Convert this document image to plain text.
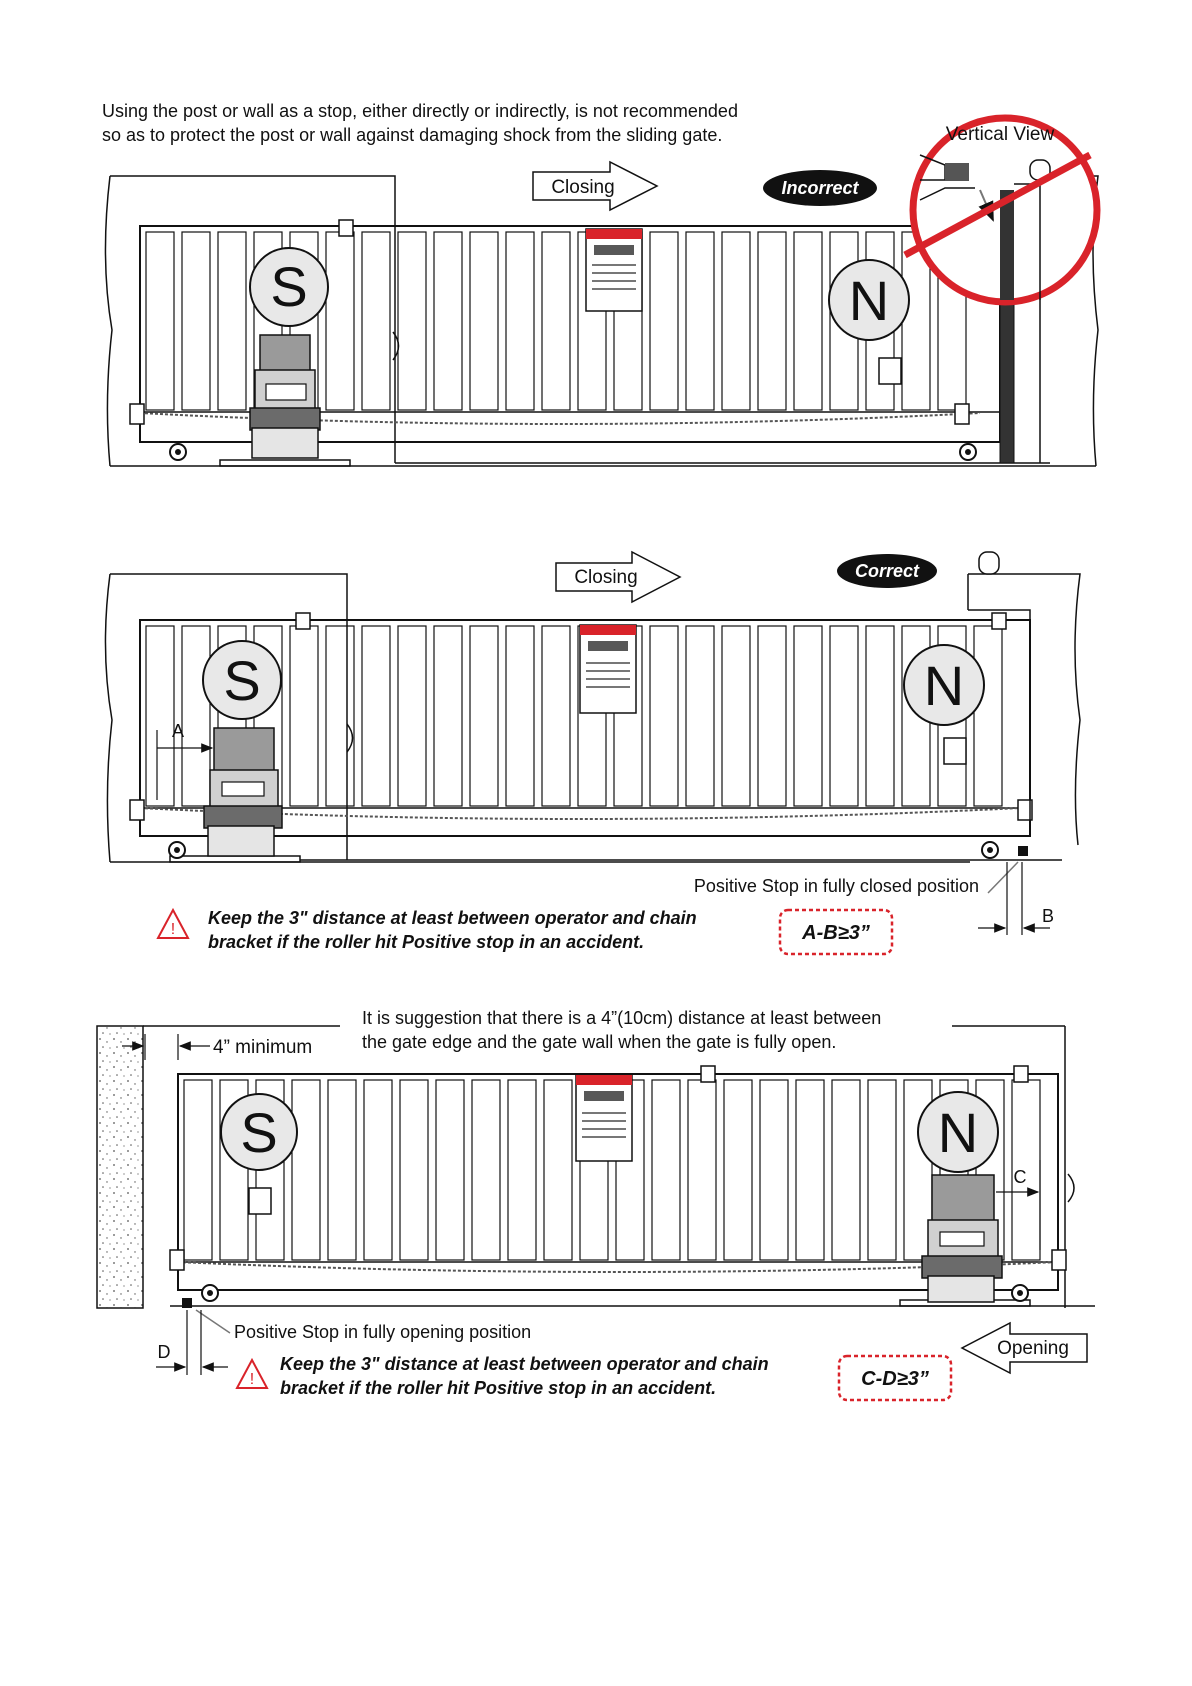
Using the post or wall as a stop, either directly or indirectly, is not recommended
so as to protect the post or wall against damaging shock from the sliding gate.
S	N
Closing	Incorrect
Vertical View
S	N
A
Closing	Correct
Positive Stop in fully closed position
B
!
Keep the 3" distance at least between operator and chain
bracket if the roller hit Positive stop in an accident.	A-B≥3”
4” minimum
It is suggestion that there is a 4”(10cm) distance at least between
the gate edge and the gate wall when the gate is fully open.
S	N
C
Positive Stop in fully opening position
D
!
Keep the 3" distance at least between operator and chain
bracket if the roller hit Positive stop in an accident.	C-D≥3”
Opening
